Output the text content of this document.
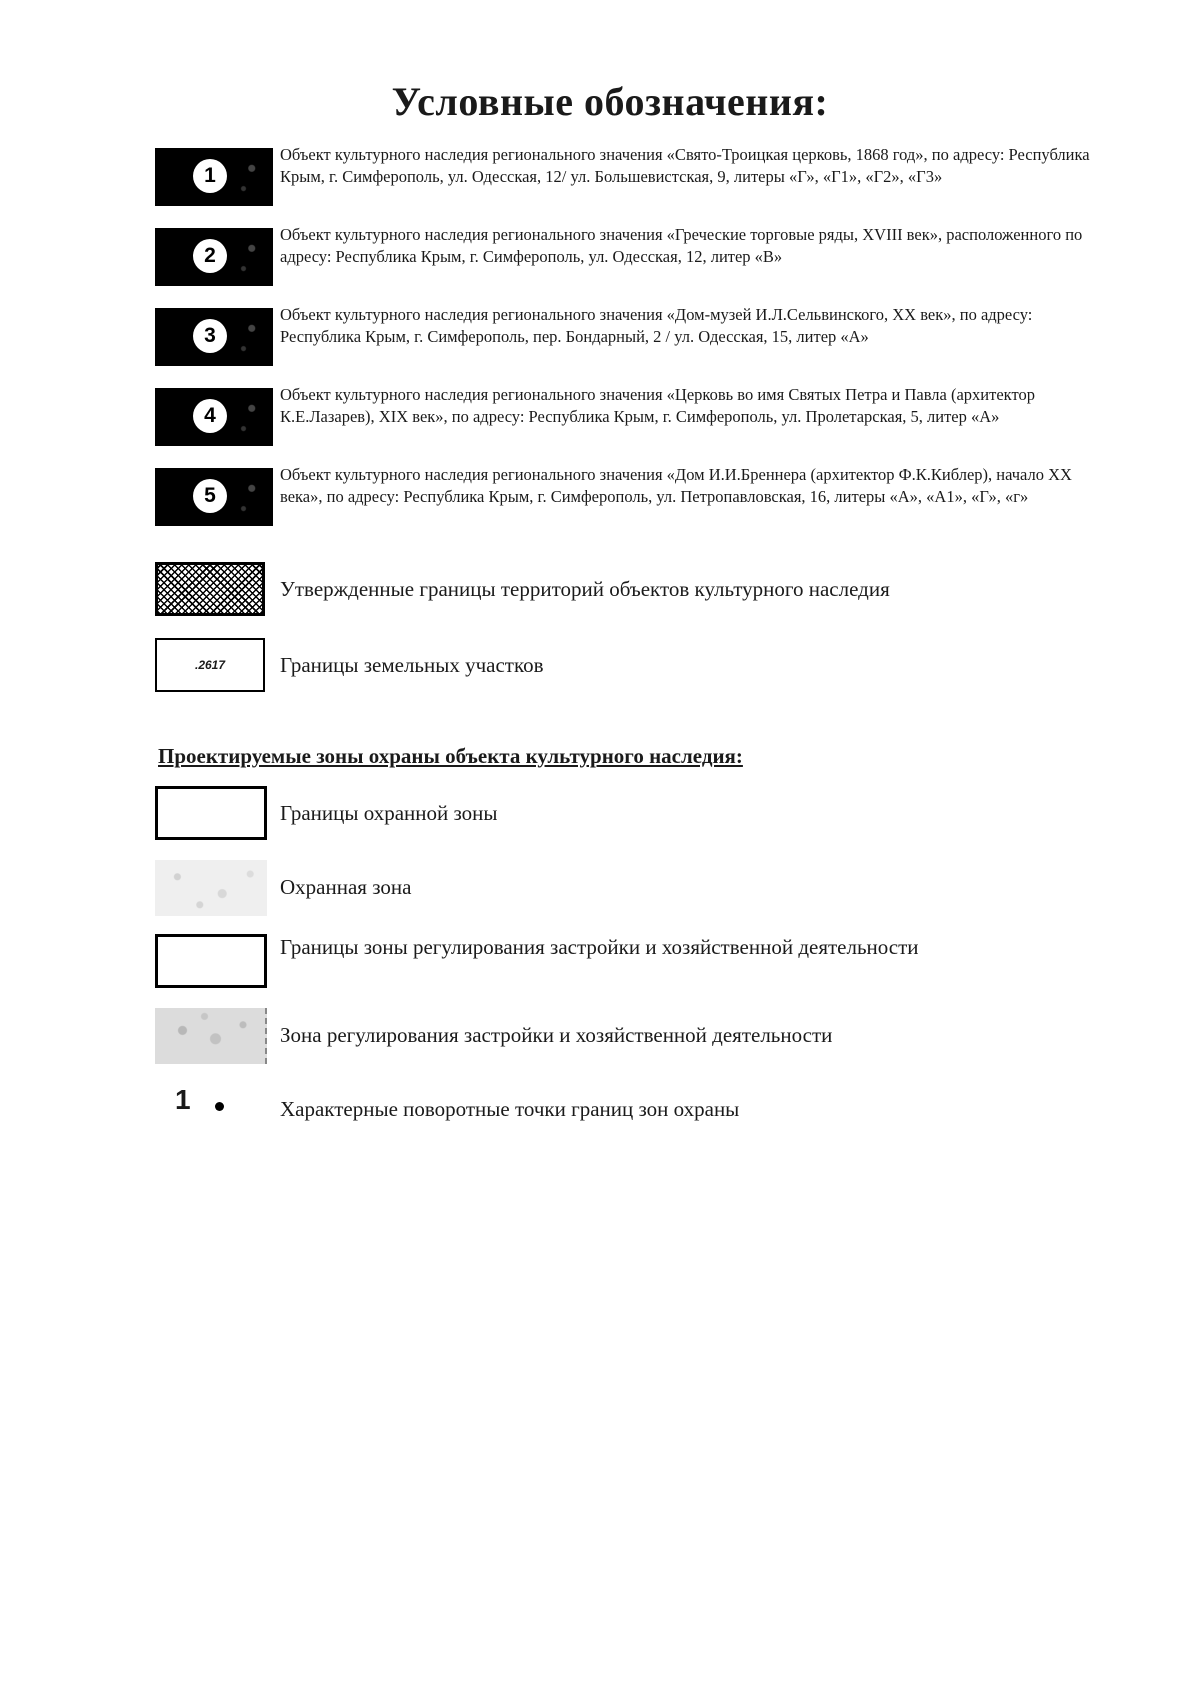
Условные обозначения:
1
Объект культурного наследия регионального значения «Свято-Троицкая церковь, 1868 год», по адресу: Республика Крым, г. Симферополь, ул. Одесская, 12/ ул. Большевистская, 9, литеры «Г», «Г1», «Г2», «Г3»
2
Объект культурного наследия регионального значения «Греческие торговые ряды, XVIII век», расположенного по адресу: Республика Крым, г. Симферополь, ул. Одесская, 12, литер «В»
3
Объект культурного наследия регионального значения «Дом-музей И.Л.Сельвинского, XX век», по адресу: Республика Крым, г. Симферополь, пер. Бондарный, 2 / ул. Одесская, 15, литер «А»
4
Объект культурного наследия регионального значения «Церковь во имя Святых Петра и Павла (архитектор К.Е.Лазарев), XIX век», по адресу: Республика Крым, г. Симферополь, ул. Пролетарская, 5, литер «А»
5
Объект культурного наследия регионального значения «Дом И.И.Бреннера (архитектор Ф.К.Киблер), начало XX века», по адресу: Республика Крым, г. Симферополь, ул. Петропавловская, 16, литеры «А», «А1», «Г», «г»
Утвержденные границы территорий объектов культурного наследия
.2617	Границы земельных участков
Проектируемые зоны охраны объекта культурного наследия:
Границы охранной зоны
Охранная зона
Границы зоны регулирования застройки и хозяйственной деятельности
Зона регулирования застройки и хозяйственной деятельности
1	Характерные поворотные точки границ зон охраны
